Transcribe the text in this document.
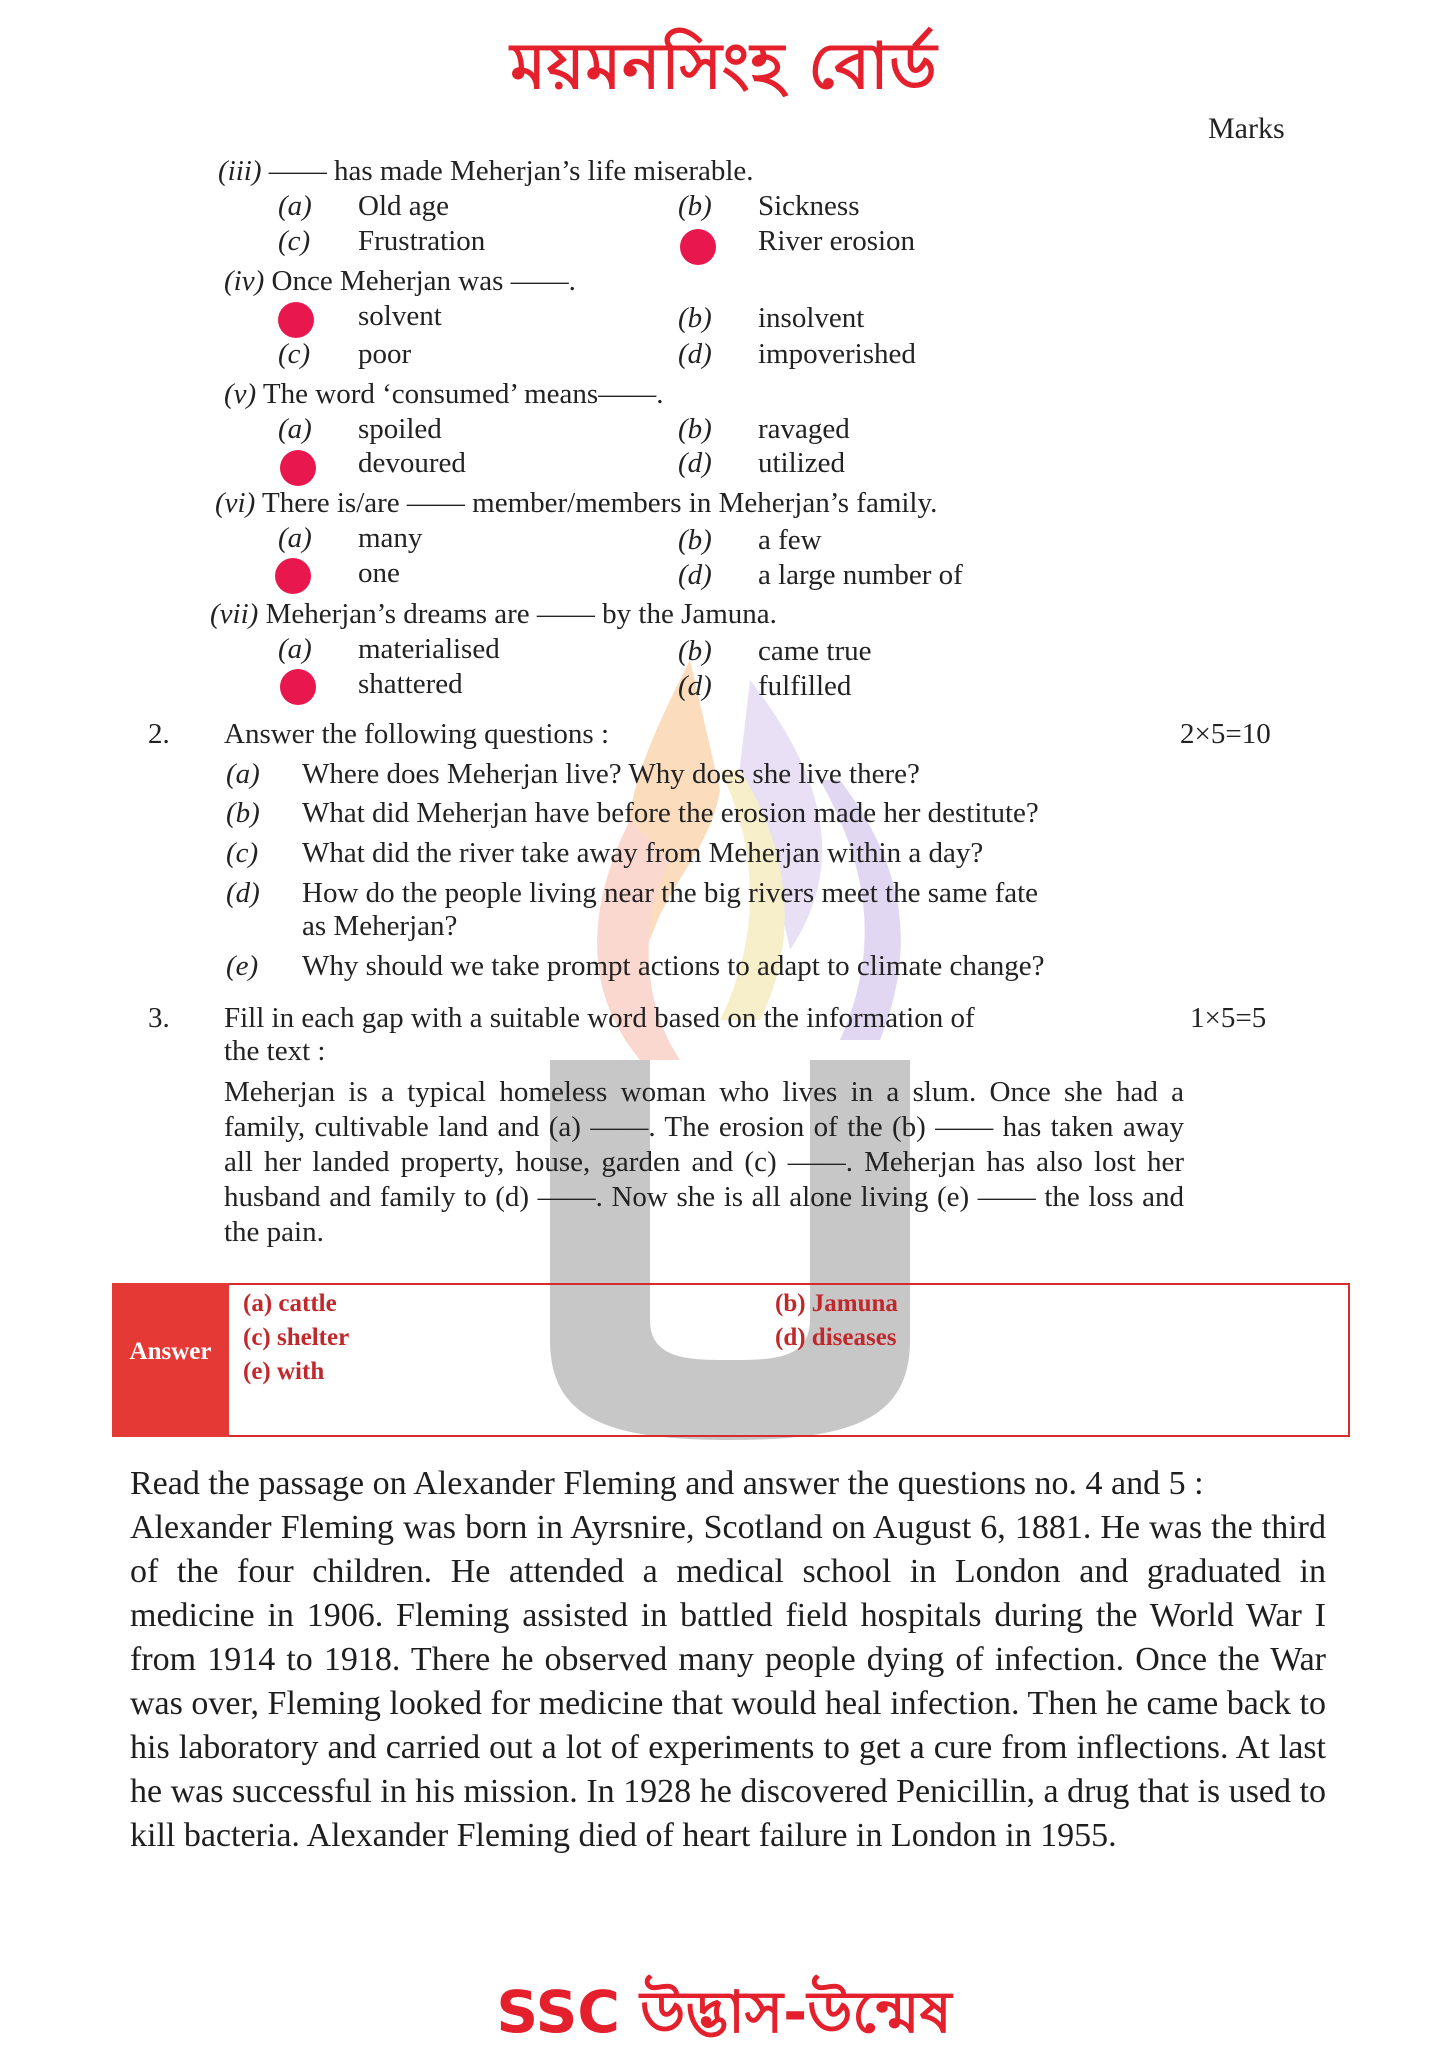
ময়মনসিংহ বোর্ড
Marks
(iii) —— has made Meherjan’s life miserable.
(a) Old age	(b) Sickness
(c) Frustration	River erosion
(iv) Once Meherjan was ——.
solvent	(b) insolvent
(c) poor	(d) impoverished
(v) The word ‘consumed’ means——.
(a) spoiled	(b) ravaged
devoured	(d) utilized
(vi) There is/are —— member/members in Meherjan’s family.
(a) many	(b) a few
one	(d) a large number of
(vii) Meherjan’s dreams are —— by the Jamuna.
(a) materialised	(b) came true
shattered	(d) fulfilled
2. Answer the following questions :	2×5=10
(a) Where does Meherjan live? Why does she live there?
(b) What did Meherjan have before the erosion made her destitute?
(c) What did the river take away from Meherjan within a day?
(d) How do the people living near the big rivers meet the same fate
as Meherjan?
(e) Why should we take prompt actions to adapt to climate change?
3. Fill in each gap with a suitable word based on the information of
the text :
1×5=5
Meherjan is a typical homeless woman who lives in a slum. Once she had a family, cultivable land and (a) ——. The erosion of the (b) —— has taken away all her landed property, house, garden and (c) ——. Meherjan has also lost her husband and family to (d) ——. Now she is all alone living (e) —— the loss and the pain.
Answer
(a) cattle	(b) Jamuna
(c) shelter	(d) diseases
(e) with
Read the passage on Alexander Fleming and answer the questions no. 4 and 5 :
Alexander Fleming was born in Ayrsnire, Scotland on August 6, 1881. He was the third of the four children. He attended a medical school in London and graduated in medicine in 1906. Fleming assisted in battled field hospitals during the World War I from 1914 to 1918. There he observed many people dying of infection. Once the War was over, Fleming looked for medicine that would heal infection. Then he came back to his laboratory and carried out a lot of experiments to get a cure from inflections. At last he was successful in his mission. In 1928 he discovered Penicillin, a drug that is used to kill bacteria. Alexander Fleming died of heart failure in London in 1955.
SSC উদ্ভাস-উন্মেষ
